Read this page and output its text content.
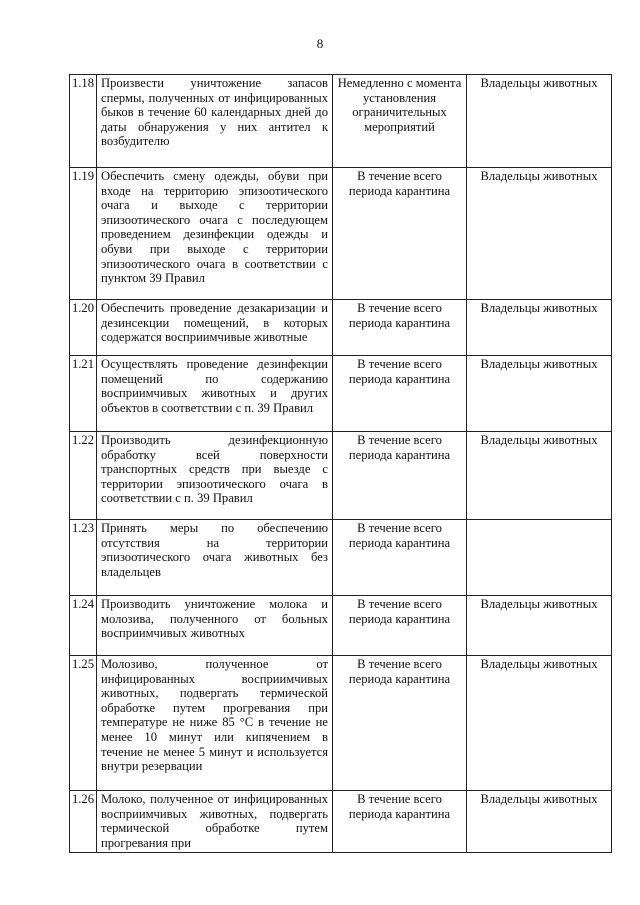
8
1.18	Произвести уничтожение запасов спермы, полученных от инфицированных быков в течение 60 календарных дней до даты обнаружения у них антител к возбудителю	Немедленно с момента установления ограничительных мероприятий	Владельцы животных
1.19	Обеспечить смену одежды, обуви при входе на территорию эпизоотического очага и выходе с территории эпизоотического очага с последующем проведением дезинфекции одежды и обуви при выходе с территории эпизоотического очага в соответствии с пунктом 39 Правил	В течение всего периода карантина	Владельцы животных
1.20	Обеспечить проведение дезакаризации и дезинсекции помещений, в которых содержатся восприимчивые животные	В течение всего периода карантина	Владельцы животных
1.21	Осуществлять проведение дезинфекции помещений по содержанию восприимчивых животных и других объектов в соответствии с п. 39 Правил	В течение всего периода карантина	Владельцы животных
1.22	Производить дезинфекционную обработку всей поверхности транспортных средств при выезде с территории эпизоотического очага в соответствии с п. 39 Правил	В течение всего периода карантина	Владельцы животных
1.23	Принять меры по обеспечению отсутствия на территории эпизоотического очага животных без владельцев	В течение всего периода карантина	
1.24	Производить уничтожение молока и молозива, полученного от больных восприимчивых животных	В течение всего периода карантина	Владельцы животных
1.25	Молозиво, полученное от инфицированных восприимчивых животных, подвергать термической обработке путем прогревания при температуре не ниже 85 °С в течение не менее 10 минут или кипячением в течение не менее 5 минут и используется внутри резервации	В течение всего периода карантина	Владельцы животных
1.26	Молоко, полученное от инфицированных восприимчивых животных, подвергать термической обработке путем прогревания при	В течение всего периода карантина	Владельцы животных
